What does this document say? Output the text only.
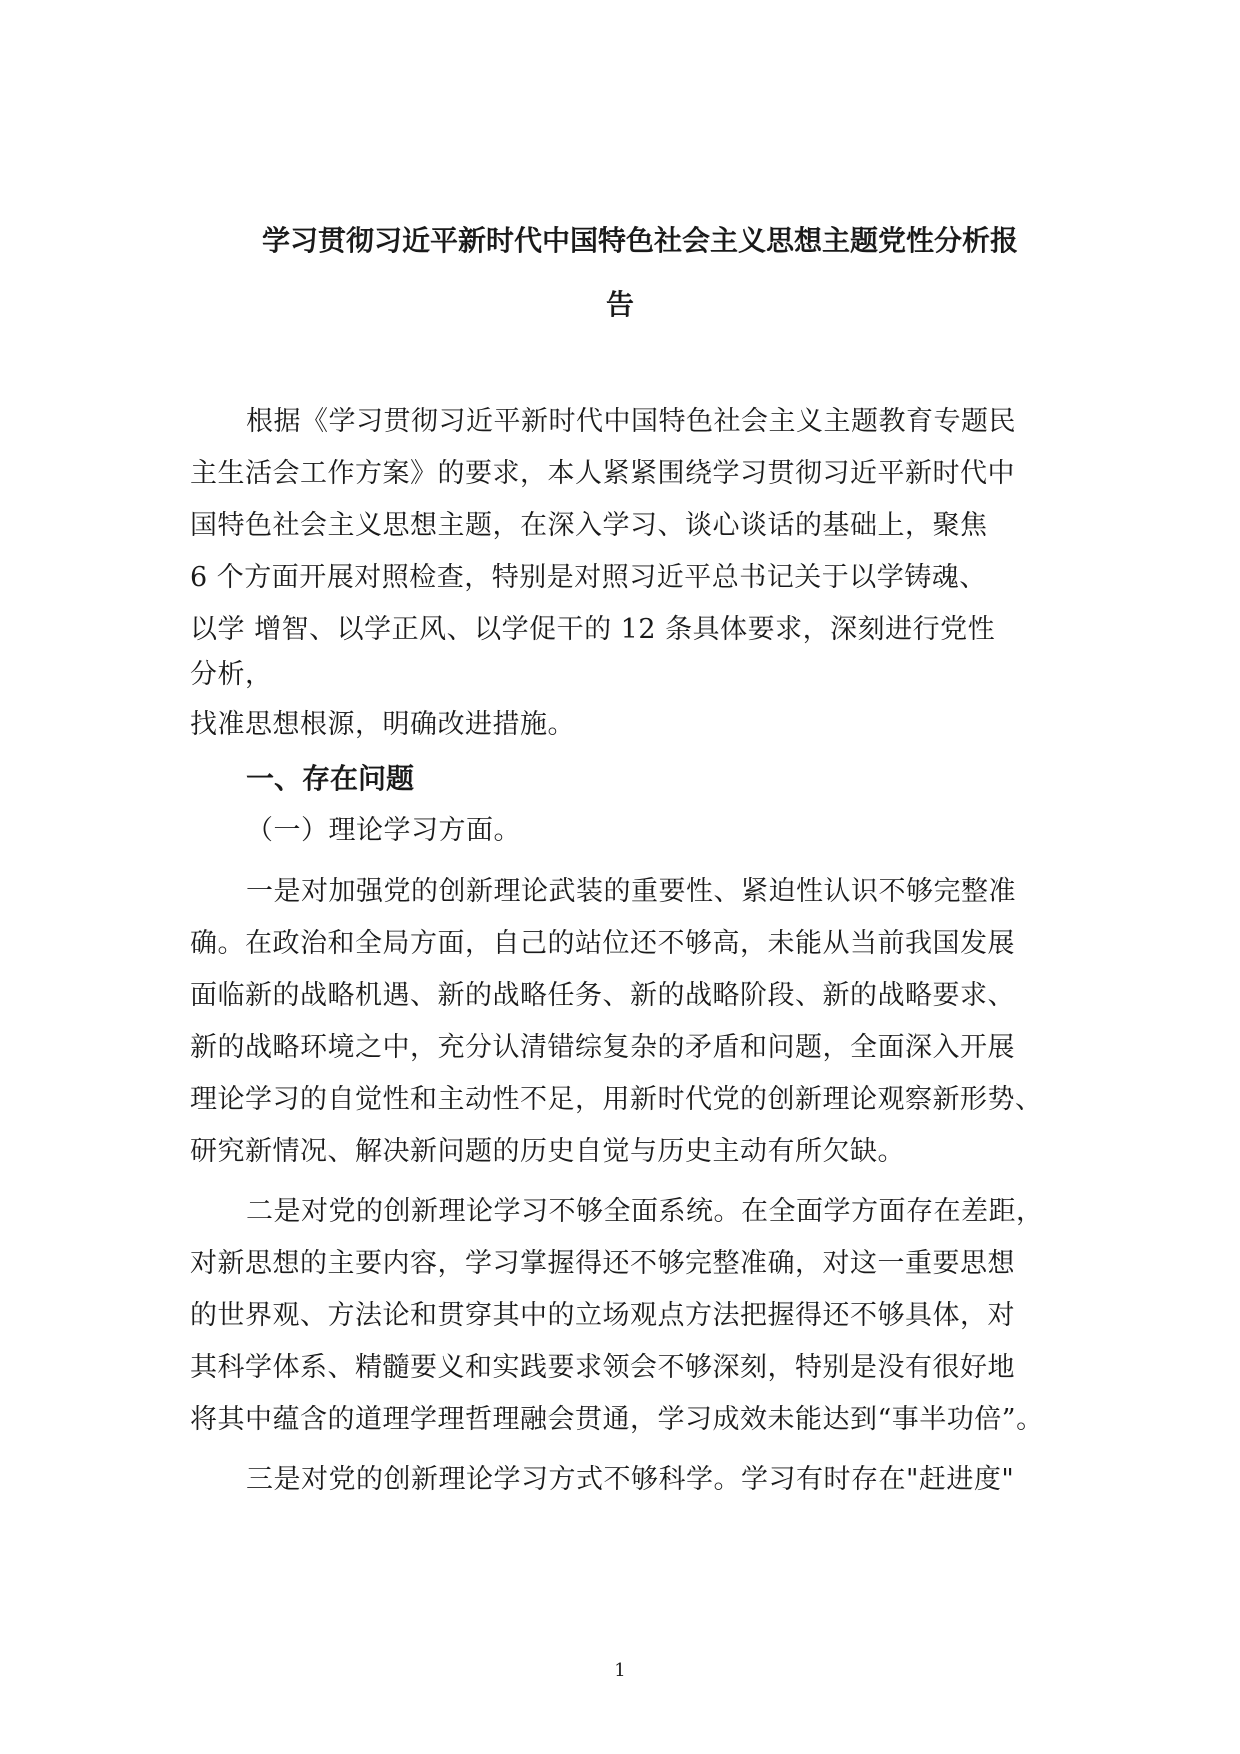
学习贯彻习近平新时代中国特色社会主义思想主题党性分析报
告
根据《学习贯彻习近平新时代中国特色社会主义主题教育专题民
主生活会工作方案》的要求，本人紧紧围绕学习贯彻习近平新时代中
国特色社会主义思想主题，在深入学习、谈心谈话的基础上，聚焦
6 个方面开展对照检查，特别是对照习近平总书记关于以学铸魂、
以学 增智、以学正风、以学促干的 12 条具体要求，深刻进行党性
分析，
找准思想根源，明确改进措施。
一、存在问题
（一）理论学习方面。
一是对加强党的创新理论武装的重要性、紧迫性认识不够完整准
确。在政治和全局方面，自己的站位还不够高，未能从当前我国发展
面临新的战略机遇、新的战略任务、新的战略阶段、新的战略要求、
新的战略环境之中，充分认清错综复杂的矛盾和问题，全面深入开展
理论学习的自觉性和主动性不足，用新时代党的创新理论观察新形势、
研究新情况、解决新问题的历史自觉与历史主动有所欠缺。
二是对党的创新理论学习不够全面系统。在全面学方面存在差距，
对新思想的主要内容，学习掌握得还不够完整准确，对这一重要思想
的世界观、方法论和贯穿其中的立场观点方法把握得还不够具体，对
其科学体系、精髓要义和实践要求领会不够深刻，特别是没有很好地
将其中蕴含的道理学理哲理融会贯通，学习成效未能达到“事半功倍”。
三是对党的创新理论学习方式不够科学。学习有时存在"赶进度"
1
